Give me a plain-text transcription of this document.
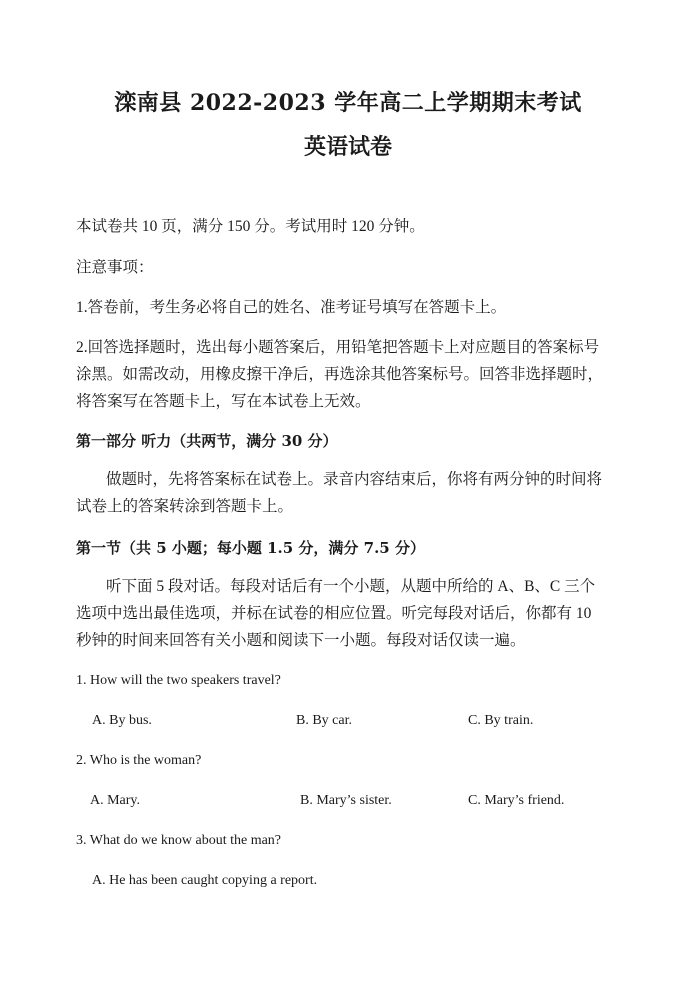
滦南县 2022-2023 学年高二上学期期末考试
英语试卷
本试卷共 10 页，满分 150 分。考试用时 120 分钟。
注意事项：
1.答卷前，考生务必将自己的姓名、准考证号填写在答题卡上。
2.回答选择题时，选出每小题答案后，用铅笔把答题卡上对应题目的答案标号
涂黑。如需改动，用橡皮擦干净后，再选涂其他答案标号。回答非选择题时，
将答案写在答题卡上，写在本试卷上无效。
第一部分 听力（共两节，满分 30 分）
做题时，先将答案标在试卷上。录音内容结束后，你将有两分钟的时间将
试卷上的答案转涂到答题卡上。
第一节（共 5 小题；每小题 1.5 分，满分 7.5 分）
听下面 5 段对话。每段对话后有一个小题，从题中所给的 A、B、C 三个
选项中选出最佳选项，并标在试卷的相应位置。听完每段对话后，你都有 10
秒钟的时间来回答有关小题和阅读下一小题。每段对话仅读一遍。
1. How will the two speakers travel?
A. By bus.	B. By car.	C. By train.
2. Who is the woman?
A. Mary.	B. Mary’s sister.	C. Mary’s friend.
3. What do we know about the man?
A. He has been caught copying a report.
